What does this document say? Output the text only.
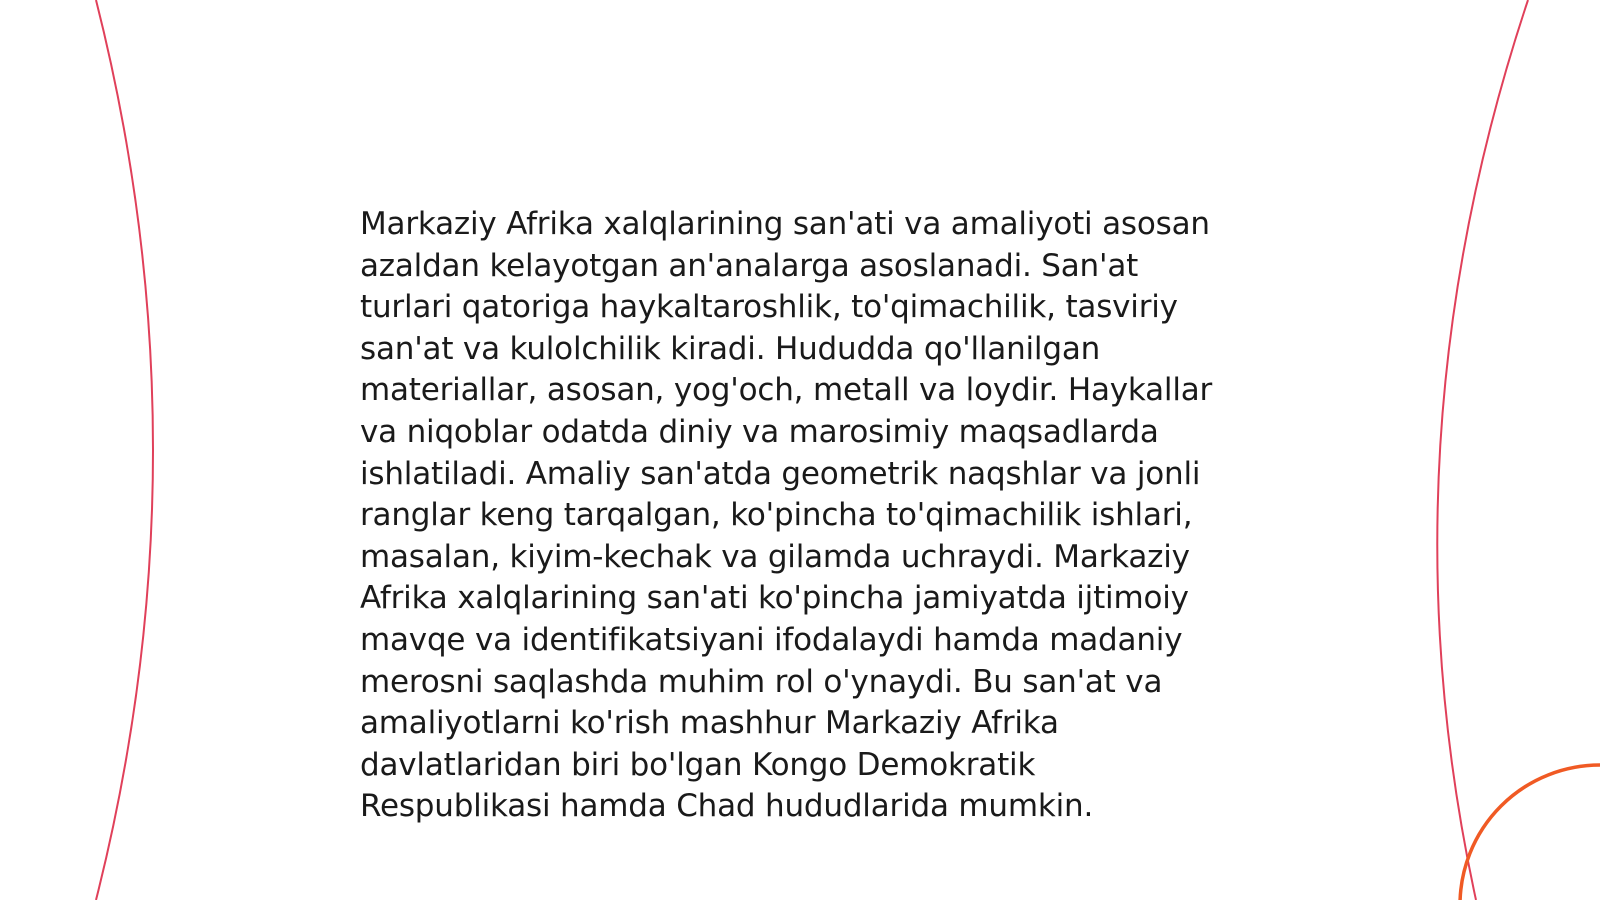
Markaziy Afrika xalqlarining san'ati va amaliyoti asosan azaldan kelayotgan an'analarga asoslanadi. San'at turlari qatoriga haykaltaroshlik, to'qimachilik, tasviriy san'at va kulolchilik kiradi. Hududda qo'llanilgan materiallar, asosan, yog'och, metall va loydir. Haykallar va niqoblar odatda diniy va marosimiy maqsadlarda ishlatiladi. Amaliy san'atda geometrik naqshlar va jonli ranglar keng tarqalgan, ko'pincha to'qimachilik ishlari, masalan, kiyim-kechak va gilamda uchraydi. Markaziy Afrika xalqlarining san'ati ko'pincha jamiyatda ijtimoiy mavqe va identifikatsiyani ifodalaydi hamda madaniy merosni saqlashda muhim rol o'ynaydi. Bu san'at va amaliyotlarni ko'rish mashhur Markaziy Afrika davlatlaridan biri bo'lgan Kongo Demokratik Respublikasi hamda Chad hududlarida mumkin.
